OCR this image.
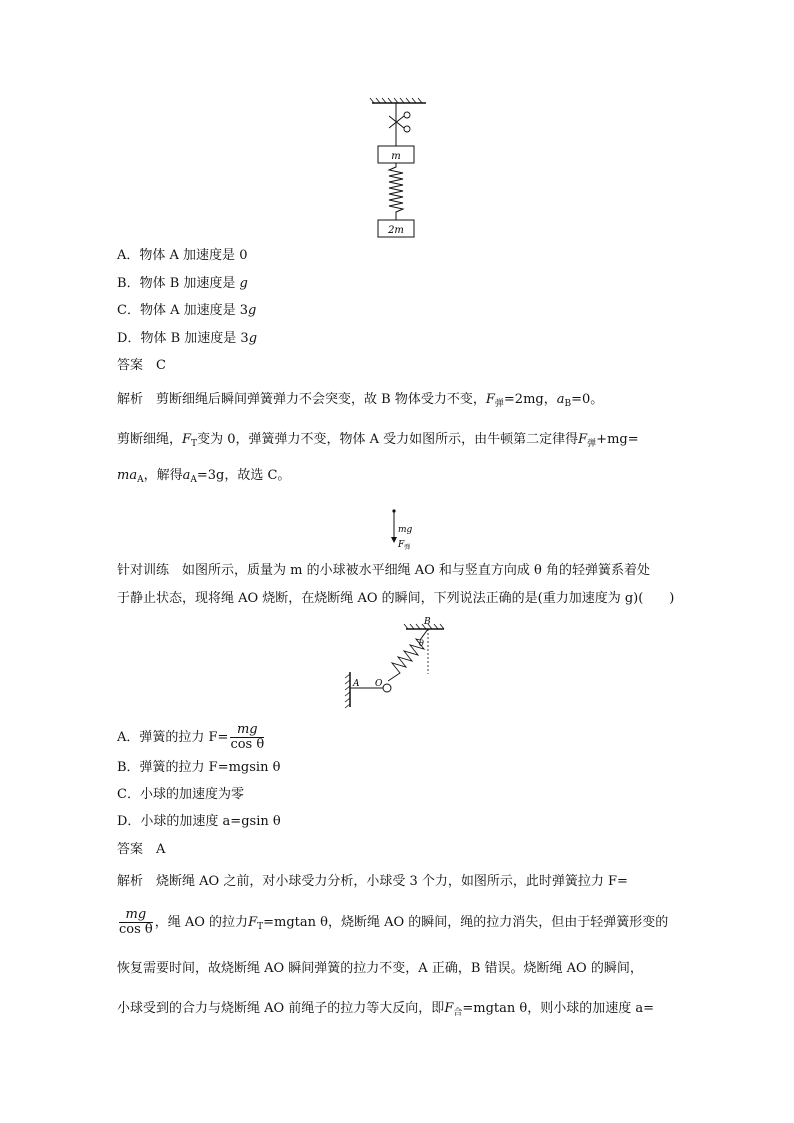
m
2m
A．物体 A 加速度是 0
B．物体 B 加速度是 g
C．物体 A 加速度是 3g
D．物体 B 加速度是 3g
答案　 C
解析　 剪断细绳后瞬间弹簧弹力不会突变，故 B 物体受力不变，$F_弹=2mg$，$a_B=0$。
剪断细绳，$F_T$变为 0，弹簧弹力不变，物体 A 受力如图所示，由牛顿第二定律得$F_弹+mg=$
$ma_A$，解得$a_A=3g$，故选 C。
mg
$F_弹$
针对训练　如图所示，质量为 m 的小球被水平细绳 AO 和与竖直方向成 θ 角的轻弹簧系着处
于静止状态，现将绳 AO 烧断，在烧断绳 AO 的瞬间，下列说法正确的是(重力加速度为 g)(　　)
A
B
O
θ
A．弹簧的拉力 $F= \frac{mg}{\text{cos θ}}$
B．弹簧的拉力 F=mgsin θ
C．小球的加速度为零
D．小球的加速度 a=gsin θ
答案　 A
解析　 烧断绳 AO 之前，对小球受力分析，小球受 3 个力，如图所示，此时弹簧拉力 F=
$\frac{mg}{\text{cos θ}}$ ，绳 AO 的拉力$F_T=mgtan$ θ，烧断绳 AO 的瞬间，绳的拉力消失，但由于轻弹簧形变的
恢复需要时间，故烧断绳 AO 瞬间弹簧的拉力不变，A 正确，B 错误。烧断绳 AO 的瞬间，
小球受到的合力与烧断绳 AO 前绳子的拉力等大反向，即$F_合=mgtan$ θ，则小球的加速度 a=
